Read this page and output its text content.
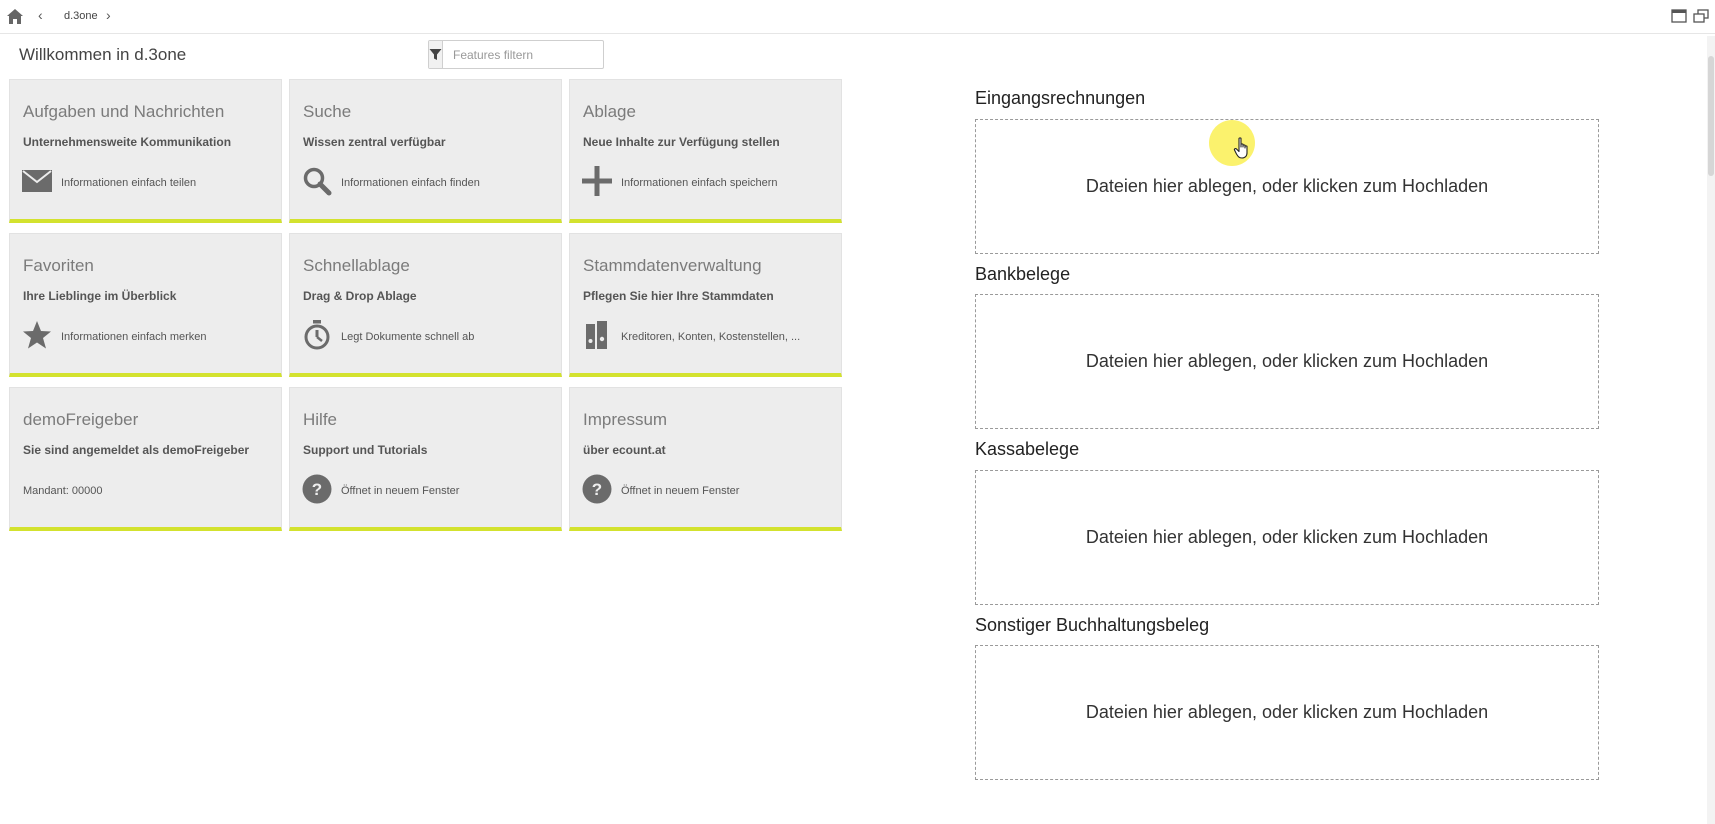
‹ d.3one ›
Willkommen in d.3one
Features filtern
Aufgaben und Nachrichten
Unternehmensweite Kommunikation
Informationen einfach teilen
Suche
Wissen zentral verfügbar
Informationen einfach finden
Ablage
Neue Inhalte zur Verfügung stellen
Informationen einfach speichern
Favoriten
Ihre Lieblinge im Überblick
Informationen einfach merken
Schnellablage
Drag & Drop Ablage
Legt Dokumente schnell ab
Stammdatenverwaltung
Pflegen Sie hier Ihre Stammdaten
Kreditoren, Konten, Kostenstellen, ...
demoFreigeber
Sie sind angemeldet als demoFreigeber
Mandant: 00000
Hilfe
Support und Tutorials
? Öffnet in neuem Fenster
Impressum
über ecount.at
? Öffnet in neuem Fenster
Eingangsrechnungen
Dateien hier ablegen, oder klicken zum Hochladen
Bankbelege
Dateien hier ablegen, oder klicken zum Hochladen
Kassabelege
Dateien hier ablegen, oder klicken zum Hochladen
Sonstiger Buchhaltungsbeleg
Dateien hier ablegen, oder klicken zum Hochladen
